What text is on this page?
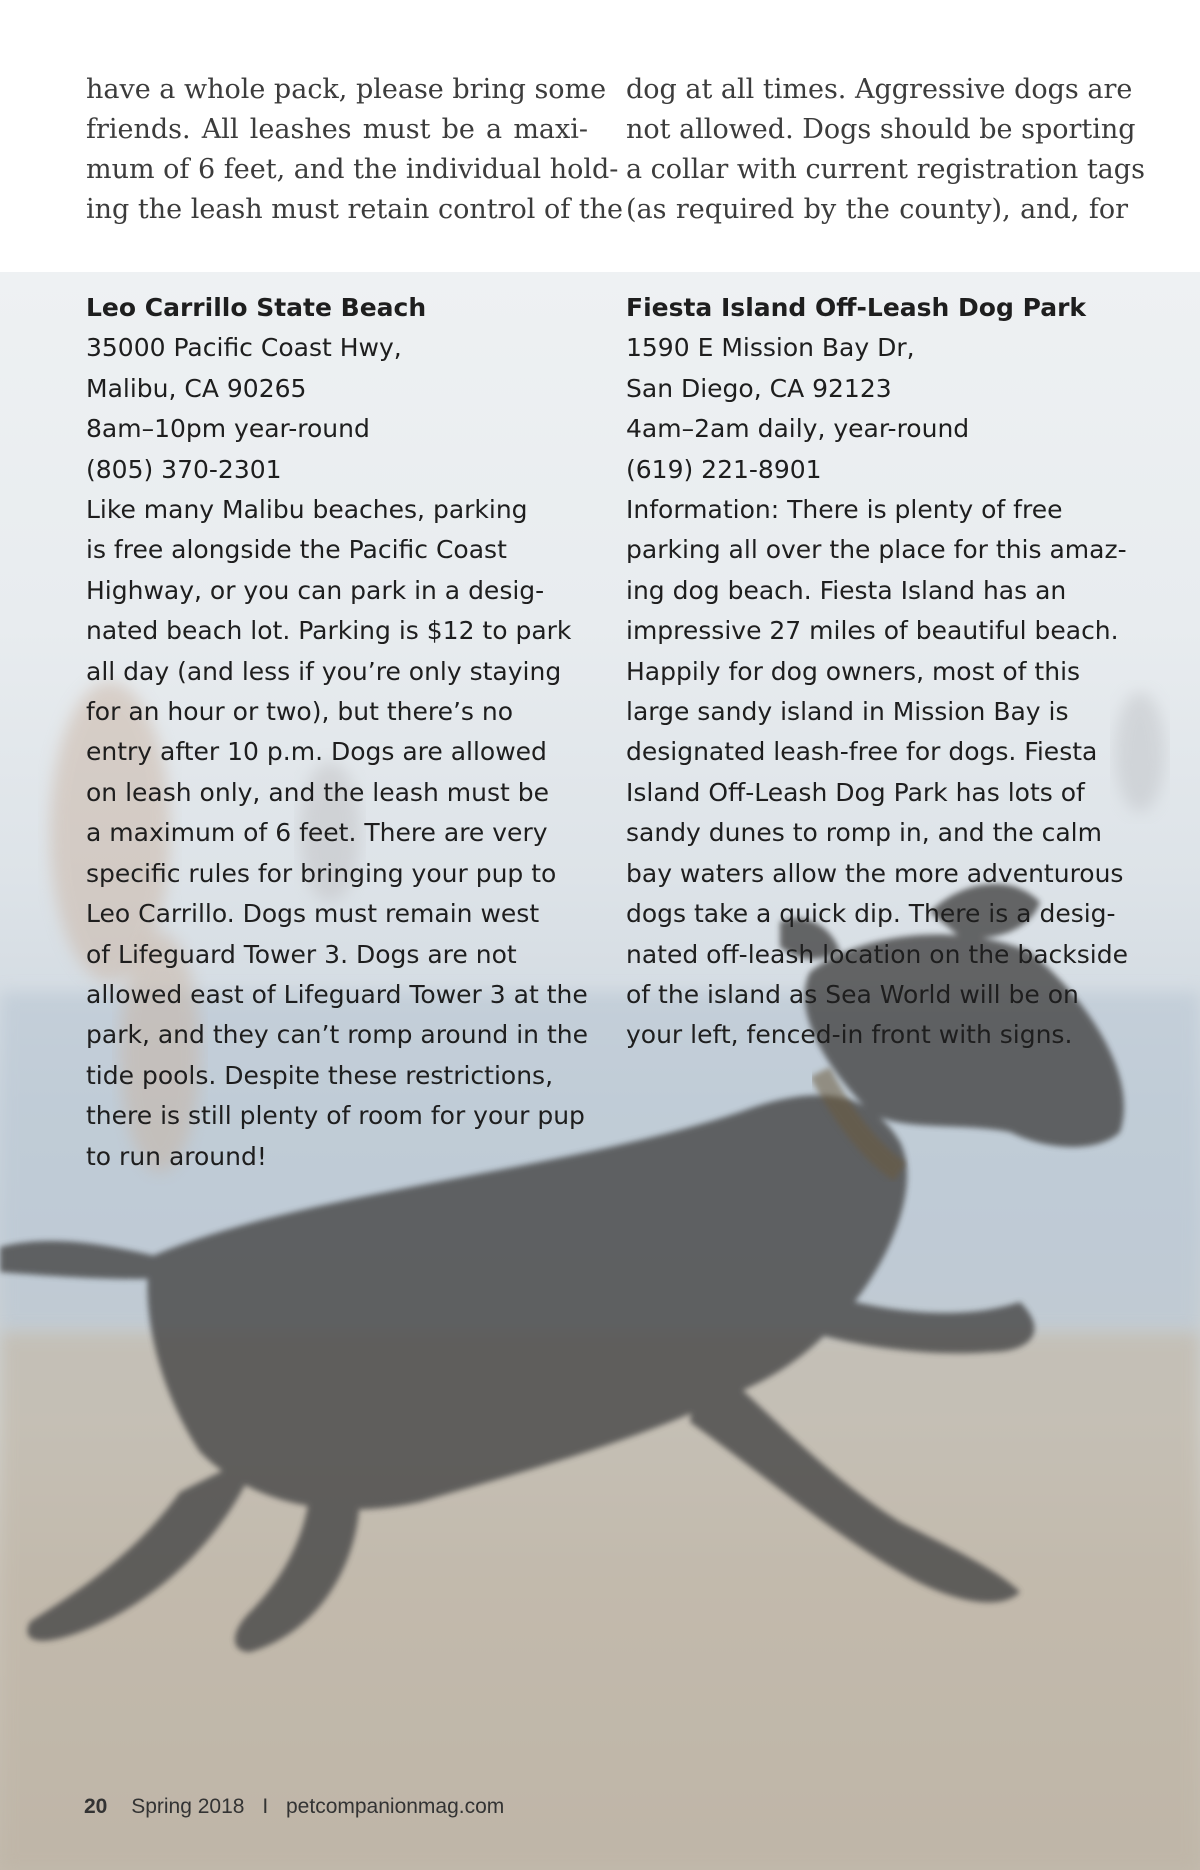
have a whole pack, please bring some
friends. All leashes must be a maxi-
mum of 6 feet, and the individual hold-
ing the leash must retain control of the
dog at all times. Aggressive dogs are
not allowed. Dogs should be sporting
a collar with current registration tags
(as required by the county), and, for
Leo Carrillo State Beach
35000 Pacific Coast Hwy,
Malibu, CA 90265
8am–10pm year-round
(805) 370-2301
Like many Malibu beaches, parking
is free alongside the Pacific Coast
Highway, or you can park in a desig-
nated beach lot. Parking is $12 to park
all day (and less if you’re only staying
for an hour or two), but there’s no
entry after 10 p.m. Dogs are allowed
on leash only, and the leash must be
a maximum of 6 feet. There are very
specific rules for bringing your pup to
Leo Carrillo. Dogs must remain west
of Lifeguard Tower 3. Dogs are not
allowed east of Lifeguard Tower 3 at the
park, and they can’t romp around in the
tide pools. Despite these restrictions,
there is still plenty of room for your pup
to run around!
Fiesta Island Off-Leash Dog Park
1590 E Mission Bay Dr,
San Diego, CA 92123
4am–2am daily, year-round
(619) 221-8901
Information: There is plenty of free
parking all over the place for this amaz-
ing dog beach. Fiesta Island has an
impressive 27 miles of beautiful beach.
Happily for dog owners, most of this
large sandy island in Mission Bay is
designated leash-free for dogs. Fiesta
Island Off-Leash Dog Park has lots of
sandy dunes to romp in, and the calm
bay waters allow the more adventurous
dogs take a quick dip. There is a desig-
nated off-leash location on the backside
of the island as Sea World will be on
your left, fenced-in front with signs.
20 Spring 2018 I petcompanionmag.com
